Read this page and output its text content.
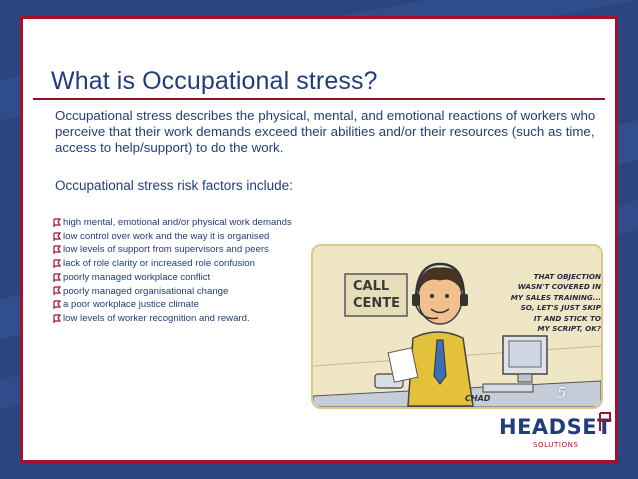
What is Occupational stress?

Occupational stress describes the physical, mental, and emotional reactions of workers who perceive that their work demands exceed their abilities and/or their resources (such as time, access to help/support) to do the work.

Occupational stress risk factors include:

high mental, emotional and/or physical work demands
low control over work and the way it is organised
low levels of support from supervisors and peers
lack of role clarity or increased role confusion
poorly managed workplace conflict
poorly managed organisational change
a poor workplace justice climate
low levels of worker recognition and reward.
CALL
CENTE
THAT OBJECTION
WASN'T COVERED IN
MY SALES TRAINING...
SO, LET'S JUST SKIP
IT AND STICK TO
MY SCRIPT, OK?
CHAD	5
HEADSET
SOLUTIONS
